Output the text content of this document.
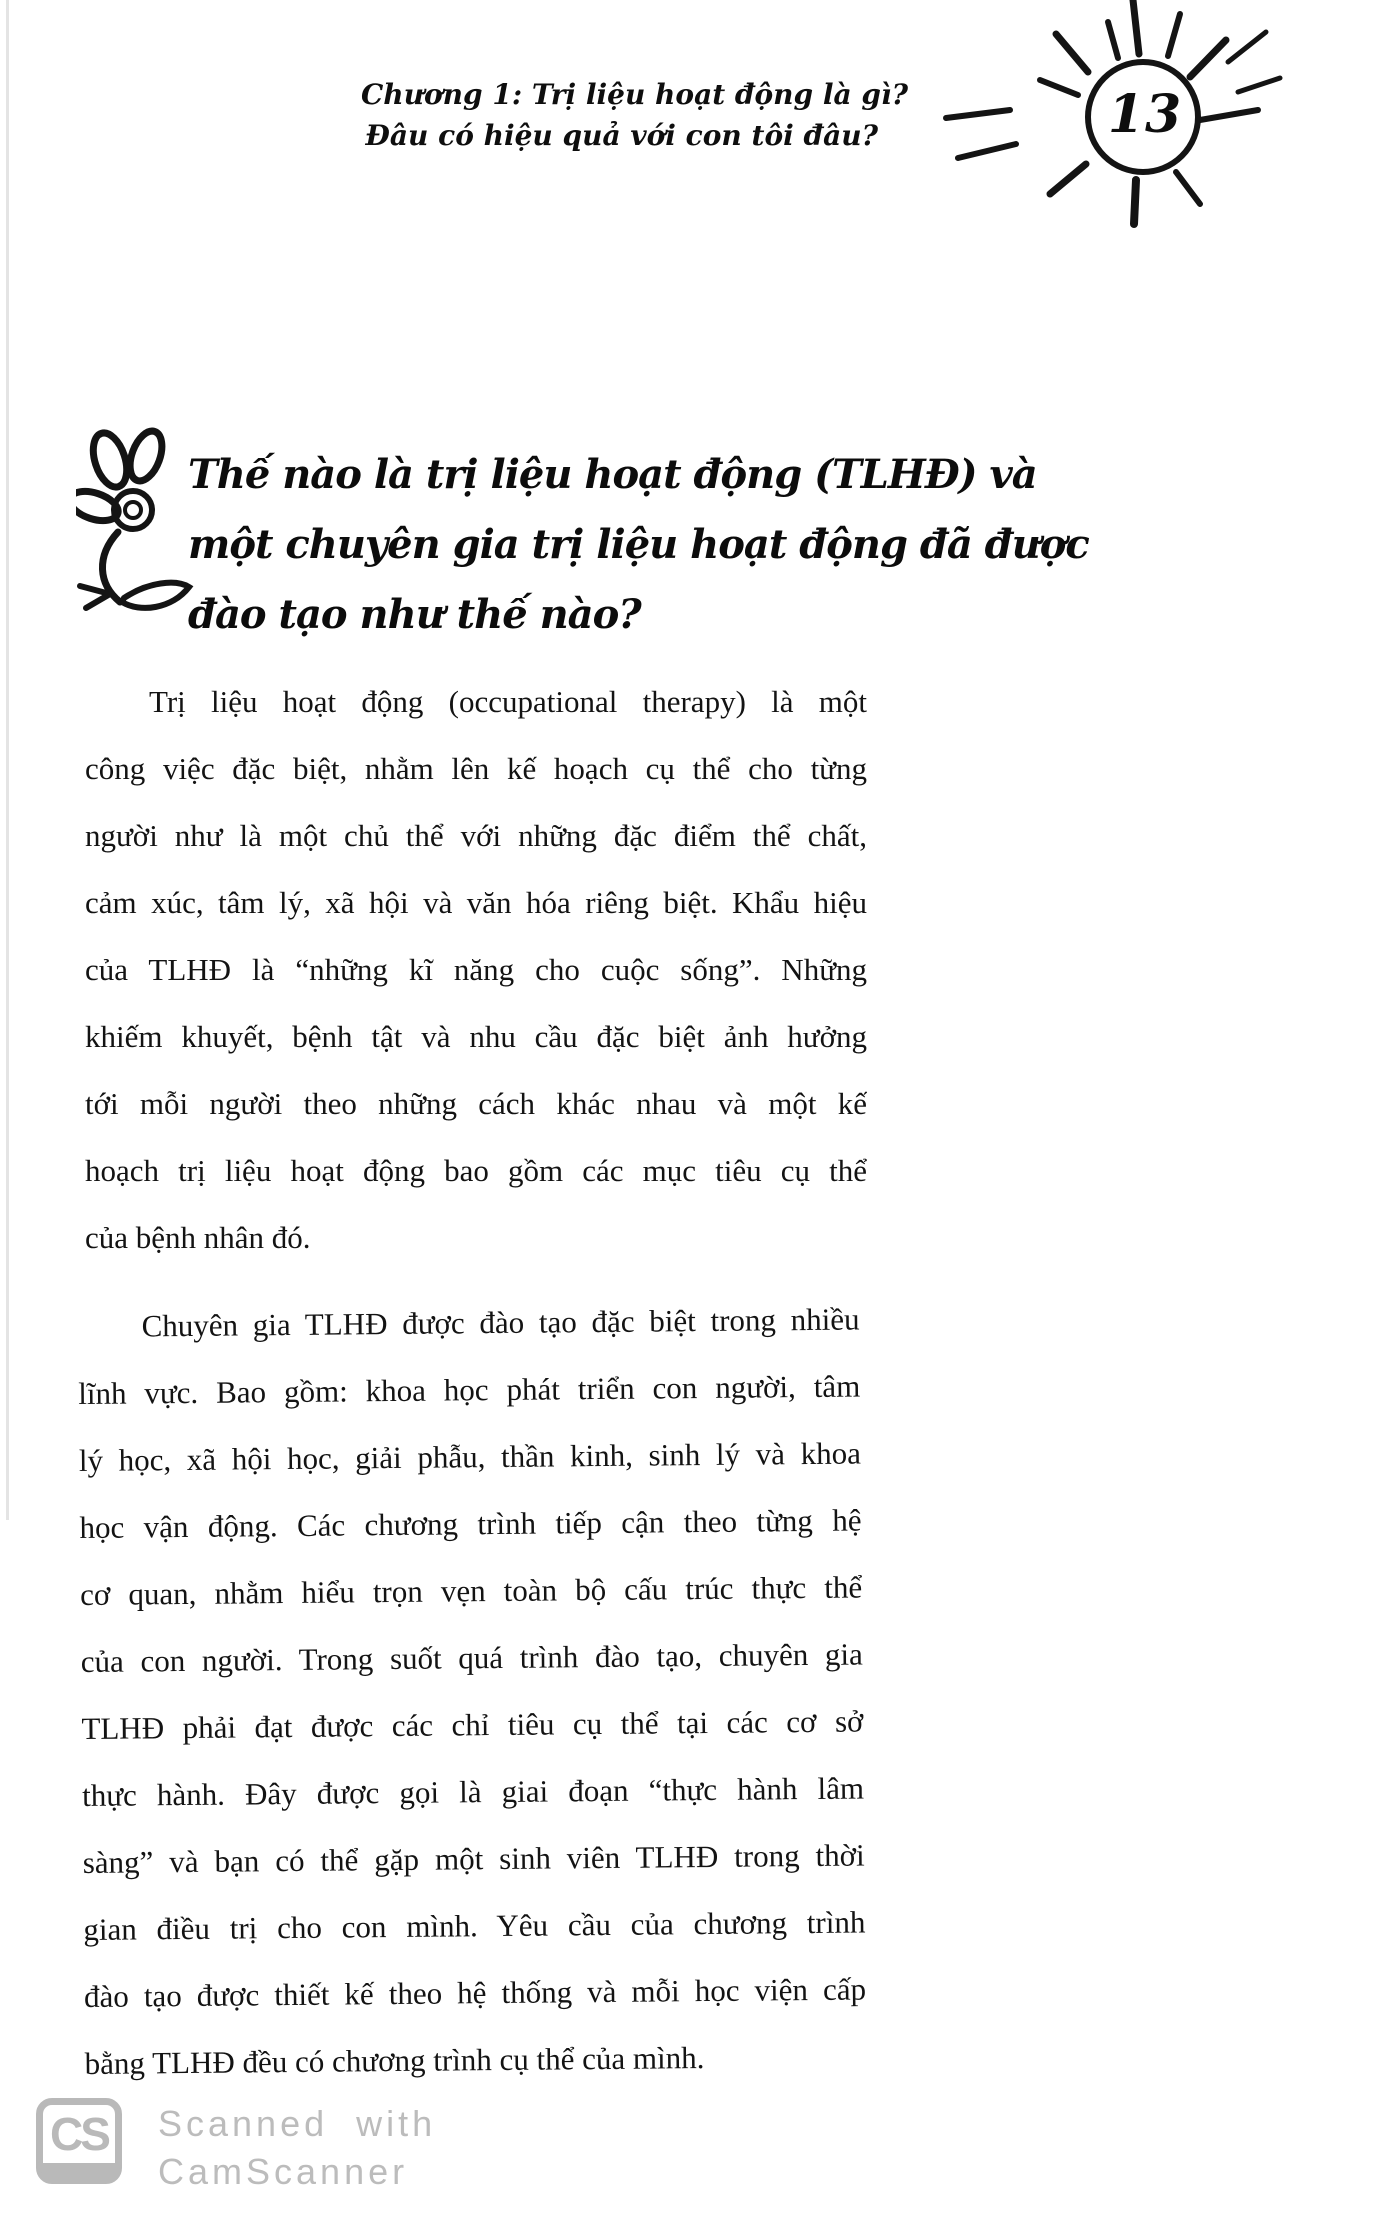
Chương 1: Trị liệu hoạt động là gì?
Đâu có hiệu quả với con tôi đâu?	13
Thế nào là trị liệu hoạt động (TLHĐ) và
một chuyên gia trị liệu hoạt động đã được
đào tạo như thế nào?
Trị liệu hoạt động (occupational therapy) là một
công việc đặc biệt, nhằm lên kế hoạch cụ thể cho từng
người như là một chủ thể với những đặc điểm thể chất,
cảm xúc, tâm lý, xã hội và văn hóa riêng biệt. Khẩu hiệu
của TLHĐ là “những kĩ năng cho cuộc sống”. Những
khiếm khuyết, bệnh tật và nhu cầu đặc biệt ảnh hưởng
tới mỗi người theo những cách khác nhau và một kế
hoạch trị liệu hoạt động bao gồm các mục tiêu cụ thể
của bệnh nhân đó.
Chuyên gia TLHĐ được đào tạo đặc biệt trong nhiều
lĩnh vực. Bao gồm: khoa học phát triển con người, tâm
lý học, xã hội học, giải phẫu, thần kinh, sinh lý và khoa
học vận động. Các chương trình tiếp cận theo từng hệ
cơ quan, nhằm hiểu trọn vẹn toàn bộ cấu trúc thực thể
của con người. Trong suốt quá trình đào tạo, chuyên gia
TLHĐ phải đạt được các chỉ tiêu cụ thể tại các cơ sở
thực hành. Đây được gọi là giai đoạn “thực hành lâm
sàng” và bạn có thể gặp một sinh viên TLHĐ trong thời
gian điều trị cho con mình. Yêu cầu của chương trình
đào tạo được thiết kế theo hệ thống và mỗi học viện cấp
bằng TLHĐ đều có chương trình cụ thể của mình.
CS Scanned with
CamScanner
